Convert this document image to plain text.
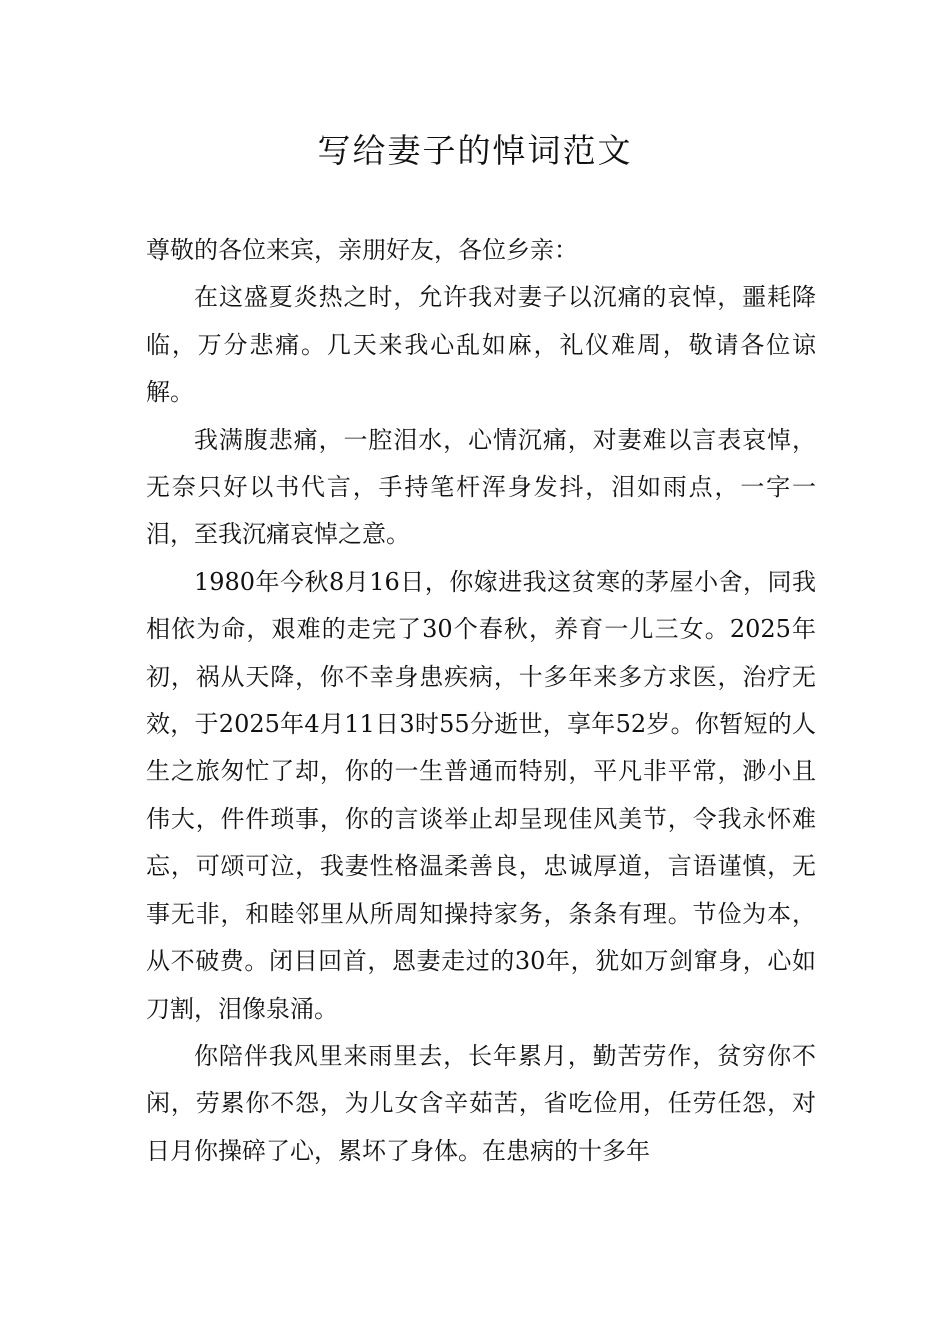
写给妻子的悼词范文

尊敬的各位来宾，亲朋好友，各位乡亲：

在这盛夏炎热之时，允许我对妻子以沉痛的哀悼，噩耗降临，万分悲痛。几天来我心乱如麻，礼仪难周，敬请各位谅解。

我满腹悲痛，一腔泪水，心情沉痛，对妻难以言表哀悼，无奈只好以书代言，手持笔杆浑身发抖，泪如雨点，一字一泪，至我沉痛哀悼之意。

1980年今秋8月16日，你嫁进我这贫寒的茅屋小舍，同我相依为命，艰难的走完了30个春秋，养育一儿三女。2025年初，祸从天降，你不幸身患疾病，十多年来多方求医，治疗无效，于2025年4月11日3时55分逝世，享年52岁。你暂短的人生之旅匆忙了却，你的一生普通而特别，平凡非平常，渺小且伟大，件件琐事，你的言谈举止却呈现佳风美节，令我永怀难忘，可颂可泣，我妻性格温柔善良，忠诚厚道，言语谨慎，无事无非，和睦邻里从所周知操持家务，条条有理。节俭为本，从不破费。闭目回首，恩妻走过的30年，犹如万剑窜身，心如刀割，泪像泉涌。

你陪伴我风里来雨里去，长年累月，勤苦劳作，贫穷你不闲，劳累你不怨，为儿女含辛茹苦，省吃俭用，任劳任怨，对日月你操碎了心，累坏了身体。在患病的十多年
